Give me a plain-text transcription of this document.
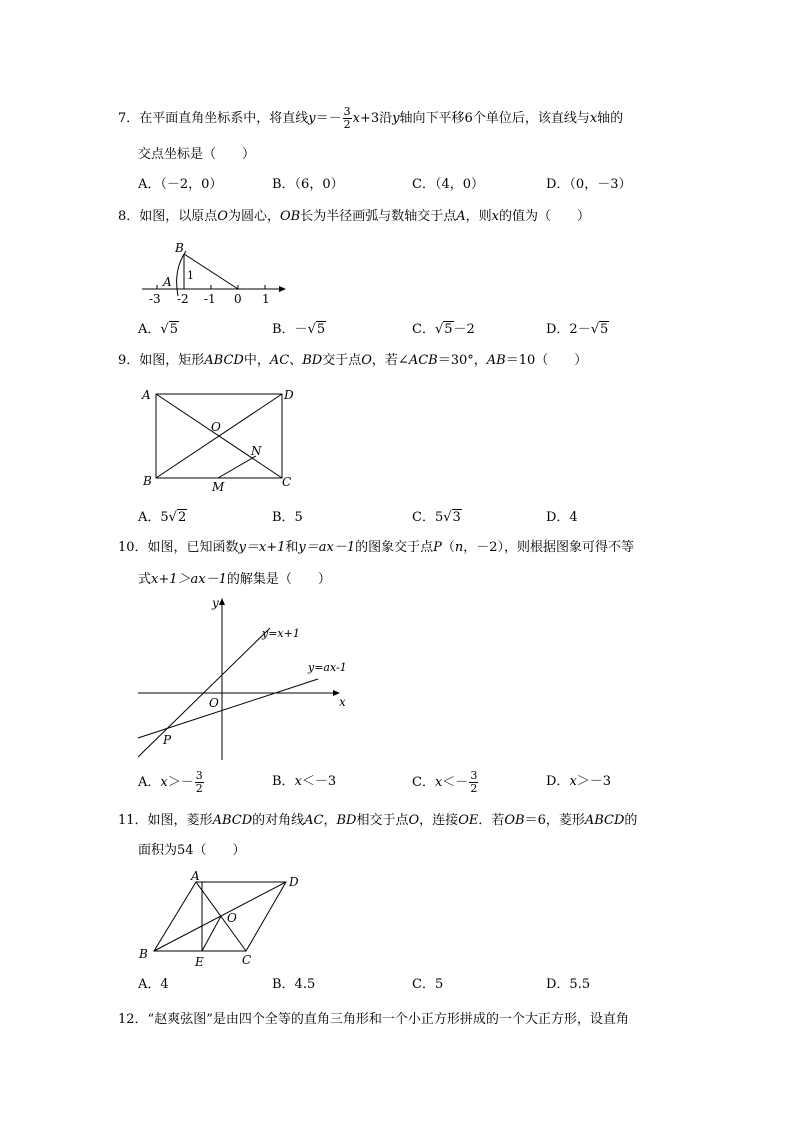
7．在平面直角坐标系中，将直线$y=- \frac{3}{2} x+3$沿y轴向下平移6个单位后，该直线与x轴的
交点坐标是（　　）
A．（－2，0）	B．（6，0）	C．（4，0）	D．（0，－3）
8．如图，以原点O为圆心，OB长为半径画弧与数轴交于点A，则x的值为（　　）
B
A 1
-3 -2 -1 0 1
A	D
B	C
O
N
M
y
x
O
P
y=x+1
y=ax-1
A	D
B	C
O
E
A．√5	B．－√5	C．√5－2	D．2－√5
9．如图，矩形ABCD中，AC、BD交于点O，若∠ACB＝30°，AB＝10（　　）
A．5√2	B．5	C．5√3	D．4
10．如图，已知函数y＝x+1和y＝ax－1的图象交于点P（n，－2），则根据图象可得不等
式x+1＞ax－1的解集是（　　）
A．$x>- \frac{3}{2}$	B．x＜－3	C．$x<- \frac{3}{2}$	D．x＞－3
11．如图，菱形ABCD的对角线AC，BD相交于点O，连接OE．若OB＝6，菱形ABCD的
面积为54（　　）
A．4	B．4.5	C．5	D．5.5
12．“赵爽弦图”是由四个全等的直角三角形和一个小正方形拼成的一个大正方形，设直角
